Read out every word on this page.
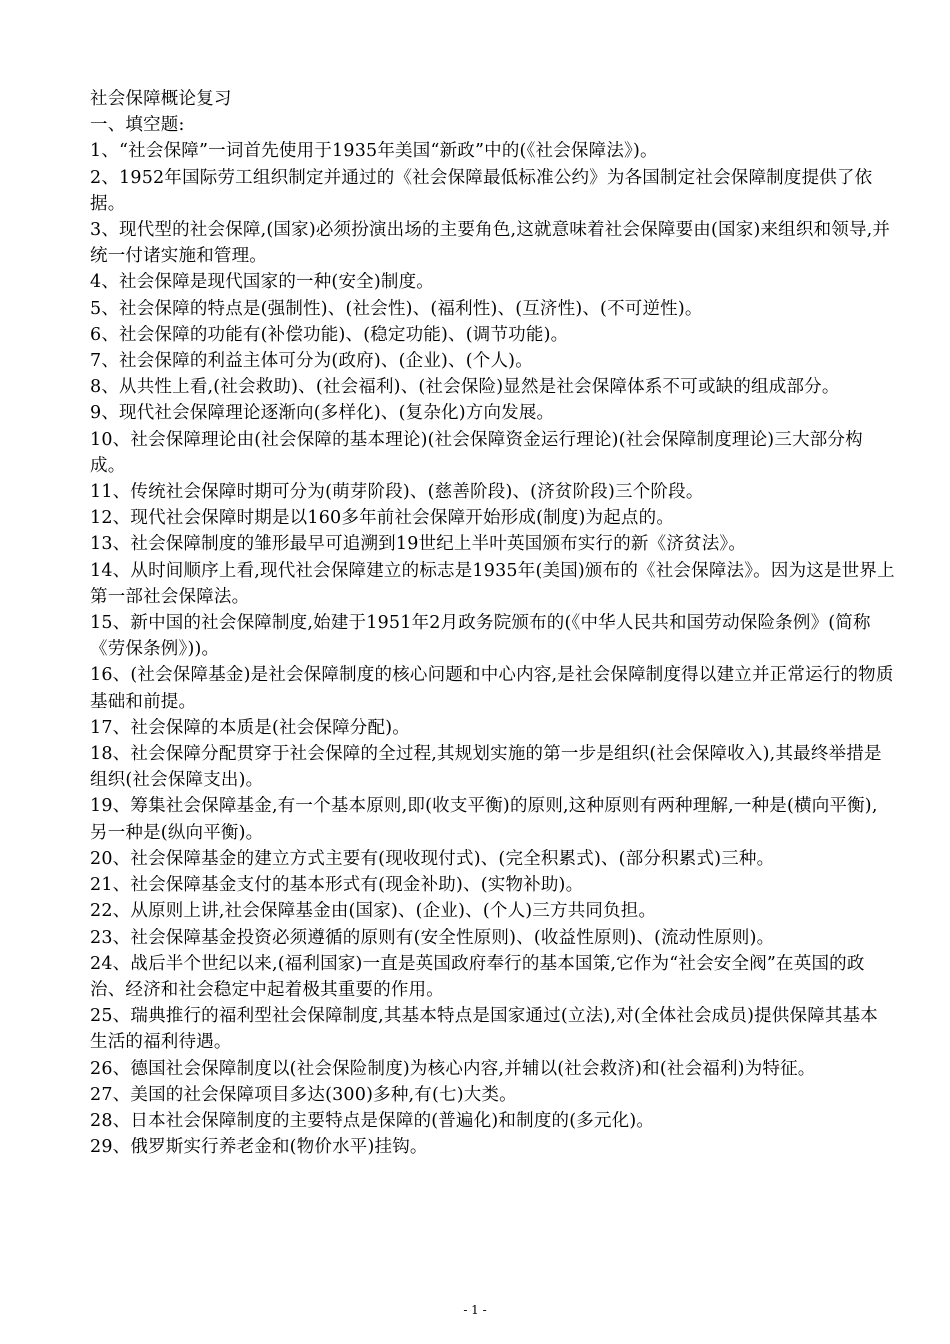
社会保障概论复习

一、填空题:

1、“社会保障”一词首先使用于1935年美国“新政”中的(《社会保障法》)。

2、1952年国际劳工组织制定并通过的《社会保障最低标准公约》为各国制定社会保障制度提供了依据。

3、现代型的社会保障,(国家)必须扮演出场的主要角色,这就意味着社会保障要由(国家)来组织和领导,并统一付诸实施和管理。

4、社会保障是现代国家的一种(安全)制度。

5、社会保障的特点是(强制性)、(社会性)、(福利性)、(互济性)、(不可逆性)。

6、社会保障的功能有(补偿功能)、(稳定功能)、(调节功能)。

7、社会保障的利益主体可分为(政府)、(企业)、(个人)。

8、从共性上看,(社会救助)、(社会福利)、(社会保险)显然是社会保障体系不可或缺的组成部分。

9、现代社会保障理论逐渐向(多样化)、(复杂化)方向发展。

10、社会保障理论由(社会保障的基本理论)(社会保障资金运行理论)(社会保障制度理论)三大部分构成。

11、传统社会保障时期可分为(萌芽阶段)、(慈善阶段)、(济贫阶段)三个阶段。

12、现代社会保障时期是以160多年前社会保障开始形成(制度)为起点的。

13、社会保障制度的雏形最早可追溯到19世纪上半叶英国颁布实行的新《济贫法》。

14、从时间顺序上看,现代社会保障建立的标志是1935年(美国)颁布的《社会保障法》。因为这是世界上第一部社会保障法。

15、新中国的社会保障制度,始建于1951年2月政务院颁布的(《中华人民共和国劳动保险条例》(简称《劳保条例》))。

16、(社会保障基金)是社会保障制度的核心问题和中心内容,是社会保障制度得以建立并正常运行的物质基础和前提。

17、社会保障的本质是(社会保障分配)。

18、社会保障分配贯穿于社会保障的全过程,其规划实施的第一步是组织(社会保障收入),其最终举措是组织(社会保障支出)。

19、筹集社会保障基金,有一个基本原则,即(收支平衡)的原则,这种原则有两种理解,一种是(横向平衡),另一种是(纵向平衡)。

20、社会保障基金的建立方式主要有(现收现付式)、(完全积累式)、(部分积累式)三种。

21、社会保障基金支付的基本形式有(现金补助)、(实物补助)。

22、从原则上讲,社会保障基金由(国家)、(企业)、(个人)三方共同负担。

23、社会保障基金投资必须遵循的原则有(安全性原则)、(收益性原则)、(流动性原则)。

24、战后半个世纪以来,(福利国家)一直是英国政府奉行的基本国策,它作为“社会安全阀”在英国的政治、经济和社会稳定中起着极其重要的作用。

25、瑞典推行的福利型社会保障制度,其基本特点是国家通过(立法),对(全体社会成员)提供保障其基本生活的福利待遇。

26、德国社会保障制度以(社会保险制度)为核心内容,并辅以(社会救济)和(社会福利)为特征。

27、美国的社会保障项目多达(300)多种,有(七)大类。

28、日本社会保障制度的主要特点是保障的(普遍化)和制度的(多元化)。

29、俄罗斯实行养老金和(物价水平)挂钩。

- 1 -
